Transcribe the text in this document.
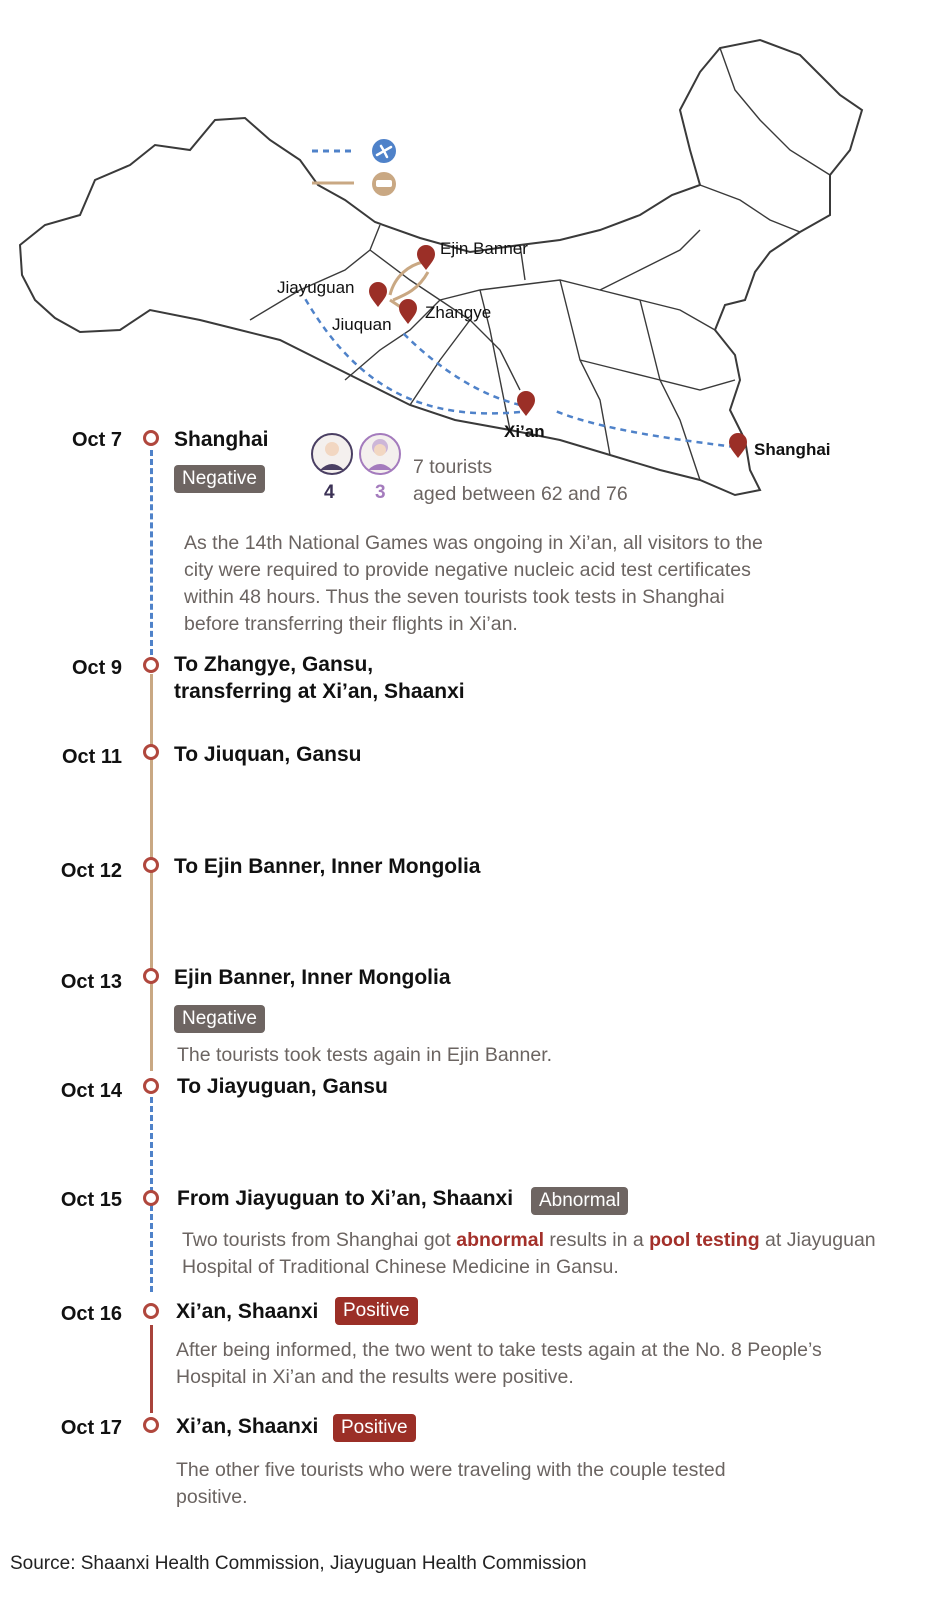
Ejin Banner
Jiayuguan
Zhangye
Jiuquan
Xi’an
Shanghai
4 3
7 tourists
aged between 62 and 76
Oct 7 Shanghai
Negative
As the 14th National Games was ongoing in Xi’an, all visitors to the city were required to provide negative nucleic acid test certificates within 48 hours. Thus the seven tourists took tests in Shanghai before transferring their flights in Xi’an.
Oct 9 To Zhangye, Gansu, transferring at Xi’an, Shaanxi
Oct 11 To Jiuquan, Gansu
Oct 12 To Ejin Banner, Inner Mongolia
Oct 13 Ejin Banner, Inner Mongolia
Negative
The tourists took tests again in Ejin Banner.
Oct 14	To Jiayuguan, Gansu
Oct 15	From Jiayuguan to Xi’an, Shaanxi	Abnormal
Two tourists from Shanghai got abnormal results in a pool testing at Jiayuguan Hospital of Traditional Chinese Medicine in Gansu.
Oct 16	Xi’an, Shaanxi	Positive
After being informed, the two went to take tests again at the No. 8 People’s Hospital in Xi’an and the results were positive.
Oct 17	Xi’an, Shaanxi	Positive
The other five tourists who were traveling with the couple tested positive.
Source: Shaanxi Health Commission, Jiayuguan Health Commission
